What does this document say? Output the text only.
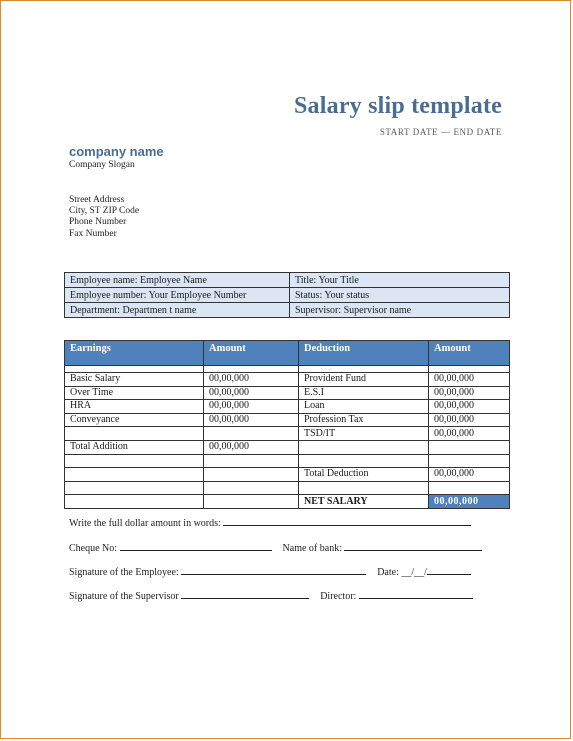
Salary slip template
START DATE — END DATE
company name
Company Slogan
Street Address
City, ST ZIP Code
Phone Number
Fax Number
Employee name: Employee Name	Title: Your Title
Employee number: Your Employee Number	Status: Your status
Department: Departmen t name	Supervisor: Supervisor name
Earnings	Amount	Deduction	Amount

Basic Salary	00,00,000	Provident Fund	00,00,000
Over Time	00,00,000	E.S.I	00,00,000
HRA	00,00,000	Loan	00,00,000
Conveyance	00,00,000	Profession Tax	00,00,000
		TSD/IT	00,00,000
Total Addition	00,00,000		

		Total Deduction	00,00,000

		NET SALARY	00,00,000
Write the full dollar amount in words:
Cheque No:	Name of bank:
Signature of the Employee:	Date: __/__/
Signature of the Supervisor	Director:
